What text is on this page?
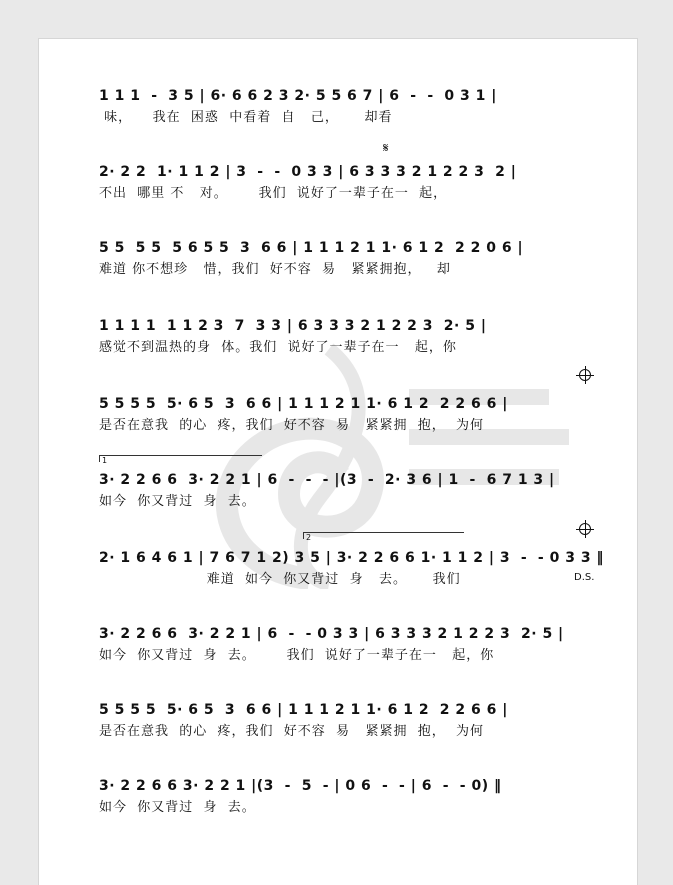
𝄋
D.S.
1
2
1 1 1  -  3 5 | 6· 6 6 2 3 2· 5 5 6 7 | 6  -  -  0 3 1 |
味，    我在  困惑  中看着  自   己，     却看
2· 2 2  1· 1 1 2 | 3  -  -  0 3 3 | 6 3 3 3 2 1 2 2 3  2 |
不出  哪里 不   对。      我们  说好了一辈子在一  起，
5 5  5 5  5 6 5 5  3  6 6 | 1 1 1 2 1 1· 6 1 2  2 2 0 6 |
难道 你不想珍   惜，我们  好不容  易   紧紧拥抱，   却
1 1 1 1  1 1 2 3  7  3 3 | 6 3 3 3 2 1 2 2 3  2· 5 |
感觉不到温热的身  体。我们  说好了一辈子在一   起，你
5 5 5 5  5· 6 5  3  6 6 | 1 1 1 2 1 1· 6 1 2  2 2 6 6 |
是否在意我  的心  疼，我们  好不容  易   紧紧拥  抱，  为何
3· 2 2 6 6  3· 2 2 1 | 6  -  -  - |(3  -  2· 3 6 | 1  -  6 7 1 3 |
如今  你又背过  身  去。
2· 1 6 4 6 1 | 7 6 7 1 2) 3 5 | 3· 2 2 6 6 1· 1 1 2 | 3  -  - 0 3 3 ‖
难道  如今  你又背过  身   去。     我们
3· 2 2 6 6  3· 2 2 1 | 6  -  - 0 3 3 | 6 3 3 3 2 1 2 2 3  2· 5 |
如今  你又背过  身  去。      我们  说好了一辈子在一   起，你
5 5 5 5  5· 6 5  3  6 6 | 1 1 1 2 1 1· 6 1 2  2 2 6 6 |
是否在意我  的心  疼，我们  好不容  易   紧紧拥  抱，  为何
3· 2 2 6 6 3· 2 2 1 |(3  -  5  - | 0 6  -  - | 6  -  - 0) ‖
如今  你又背过  身  去。
